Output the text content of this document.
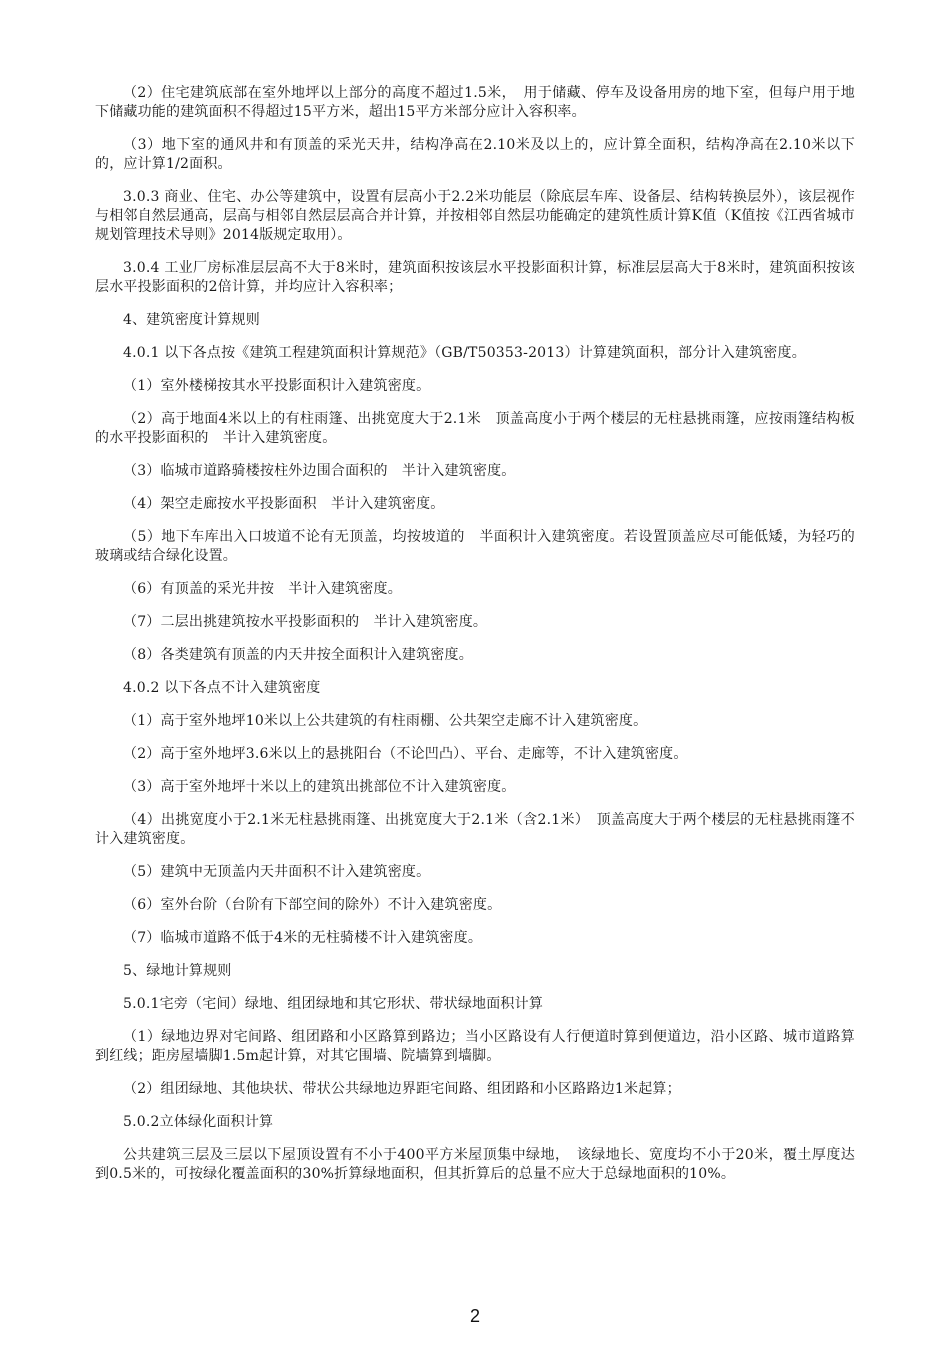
（2）住宅建筑底部在室外地坪以上部分的高度不超过1.5米，　用于储藏、停车及设备用房的地下室，但每户用于地下储藏功能的建筑面积不得超过15平方米，超出15平方米部分应计入容积率。

（3）地下室的通风井和有顶盖的采光天井，结构净高在2.10米及以上的，应计算全面积，结构净高在2.10米以下的，应计算1/2面积。

3.0.3 商业、住宅、办公等建筑中，设置有层高小于2.2米功能层（除底层车库、设备层、结构转换层外），该层视作与相邻自然层通高，层高与相邻自然层层高合并计算，并按相邻自然层功能确定的建筑性质计算K值（K值按《江西省城市规划管理技术导则》2014版规定取用）。

3.0.4 工业厂房标准层层高不大于8米时，建筑面积按该层水平投影面积计算，标准层层高大于8米时，建筑面积按该层水平投影面积的2倍计算，并均应计入容积率；

4、建筑密度计算规则

4.0.1 以下各点按《建筑工程建筑面积计算规范》（GB/T50353-2013）计算建筑面积，部分计入建筑密度。

（1）室外楼梯按其水平投影面积计入建筑密度。

（2）高于地面4米以上的有柱雨篷、出挑宽度大于2.1米　顶盖高度小于两个楼层的无柱悬挑雨篷，应按雨篷结构板的水平投影面积的　半计入建筑密度。

（3）临城市道路骑楼按柱外边围合面积的　半计入建筑密度。

（4）架空走廊按水平投影面积　半计入建筑密度。

（5）地下车库出入口坡道不论有无顶盖，均按坡道的　半面积计入建筑密度。若设置顶盖应尽可能低矮，为轻巧的玻璃或结合绿化设置。

（6）有顶盖的采光井按　半计入建筑密度。

（7）二层出挑建筑按水平投影面积的　半计入建筑密度。

（8）各类建筑有顶盖的内天井按全面积计入建筑密度。

4.0.2 以下各点不计入建筑密度

（1）高于室外地坪10米以上公共建筑的有柱雨棚、公共架空走廊不计入建筑密度。

（2）高于室外地坪3.6米以上的悬挑阳台（不论凹凸）、平台、走廊等，不计入建筑密度。

（3）高于室外地坪十米以上的建筑出挑部位不计入建筑密度。

（4）出挑宽度小于2.1米无柱悬挑雨篷、出挑宽度大于2.1米（含2.1米）　顶盖高度大于两个楼层的无柱悬挑雨篷不计入建筑密度。

（5）建筑中无顶盖内天井面积不计入建筑密度。

（6）室外台阶（台阶有下部空间的除外）不计入建筑密度。

（7）临城市道路不低于4米的无柱骑楼不计入建筑密度。

5、绿地计算规则

5.0.1宅旁（宅间）绿地、组团绿地和其它形状、带状绿地面积计算

（1）绿地边界对宅间路、组团路和小区路算到路边；当小区路设有人行便道时算到便道边，沿小区路、城市道路算到红线；距房屋墙脚1.5m起计算，对其它围墙、院墙算到墙脚。

（2）组团绿地、其他块状、带状公共绿地边界距宅间路、组团路和小区路路边1米起算；

5.0.2立体绿化面积计算

公共建筑三层及三层以下屋顶设置有不小于400平方米屋顶集中绿地，　该绿地长、宽度均不小于20米，覆土厚度达到0.5米的，可按绿化覆盖面积的30%折算绿地面积，但其折算后的总量不应大于总绿地面积的10%。

2
